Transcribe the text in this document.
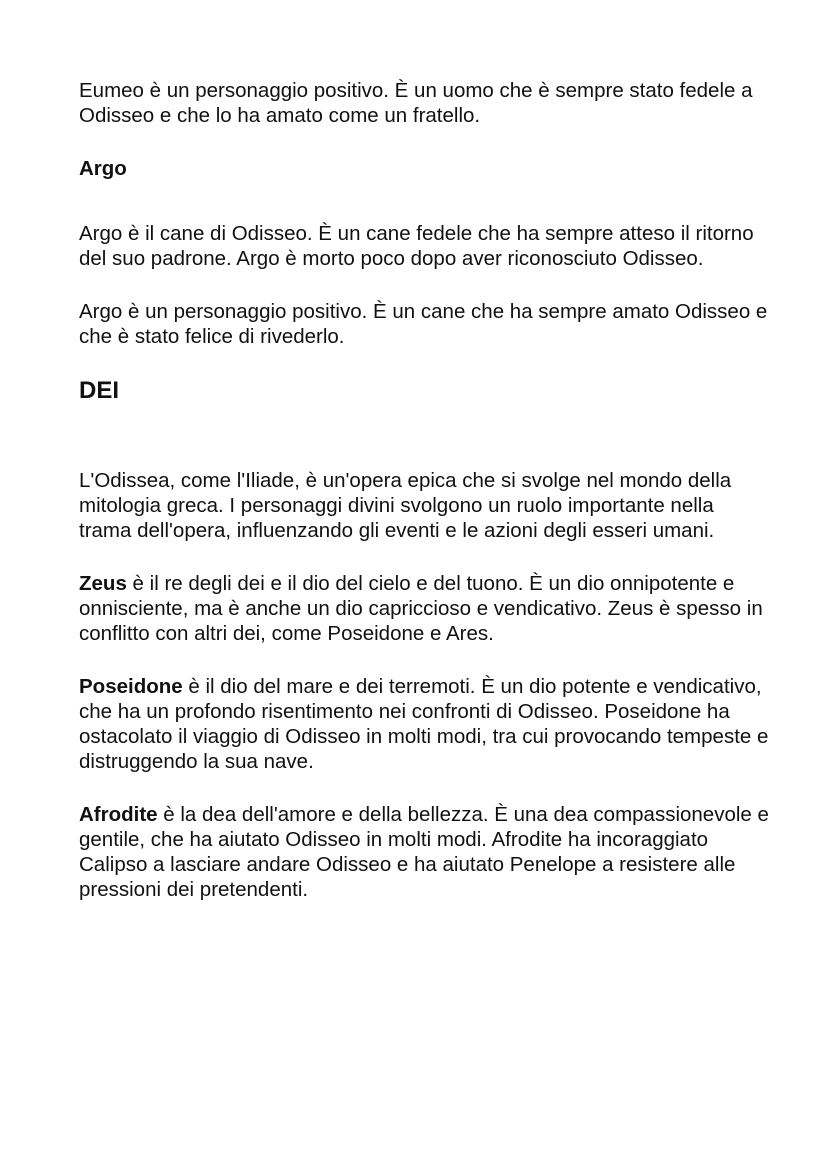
Eumeo è un personaggio positivo. È un uomo che è sempre stato fedele a Odisseo e che lo ha amato come un fratello.

Argo

Argo è il cane di Odisseo. È un cane fedele che ha sempre atteso il ritorno del suo padrone. Argo è morto poco dopo aver riconosciuto Odisseo.

Argo è un personaggio positivo. È un cane che ha sempre amato Odisseo e che è stato felice di rivederlo.

DEI

L'Odissea, come l'Iliade, è un'opera epica che si svolge nel mondo della mitologia greca. I personaggi divini svolgono un ruolo importante nella trama dell'opera, influenzando gli eventi e le azioni degli esseri umani.

Zeus è il re degli dei e il dio del cielo e del tuono. È un dio onnipotente e onnisciente, ma è anche un dio capriccioso e vendicativo. Zeus è spesso in conflitto con altri dei, come Poseidone e Ares.

Poseidone è il dio del mare e dei terremoti. È un dio potente e vendicativo, che ha un profondo risentimento nei confronti di Odisseo. Poseidone ha ostacolato il viaggio di Odisseo in molti modi, tra cui provocando tempeste e distruggendo la sua nave.

Afrodite è la dea dell'amore e della bellezza. È una dea compassionevole e gentile, che ha aiutato Odisseo in molti modi. Afrodite ha incoraggiato Calipso a lasciare andare Odisseo e ha aiutato Penelope a resistere alle pressioni dei pretendenti.
